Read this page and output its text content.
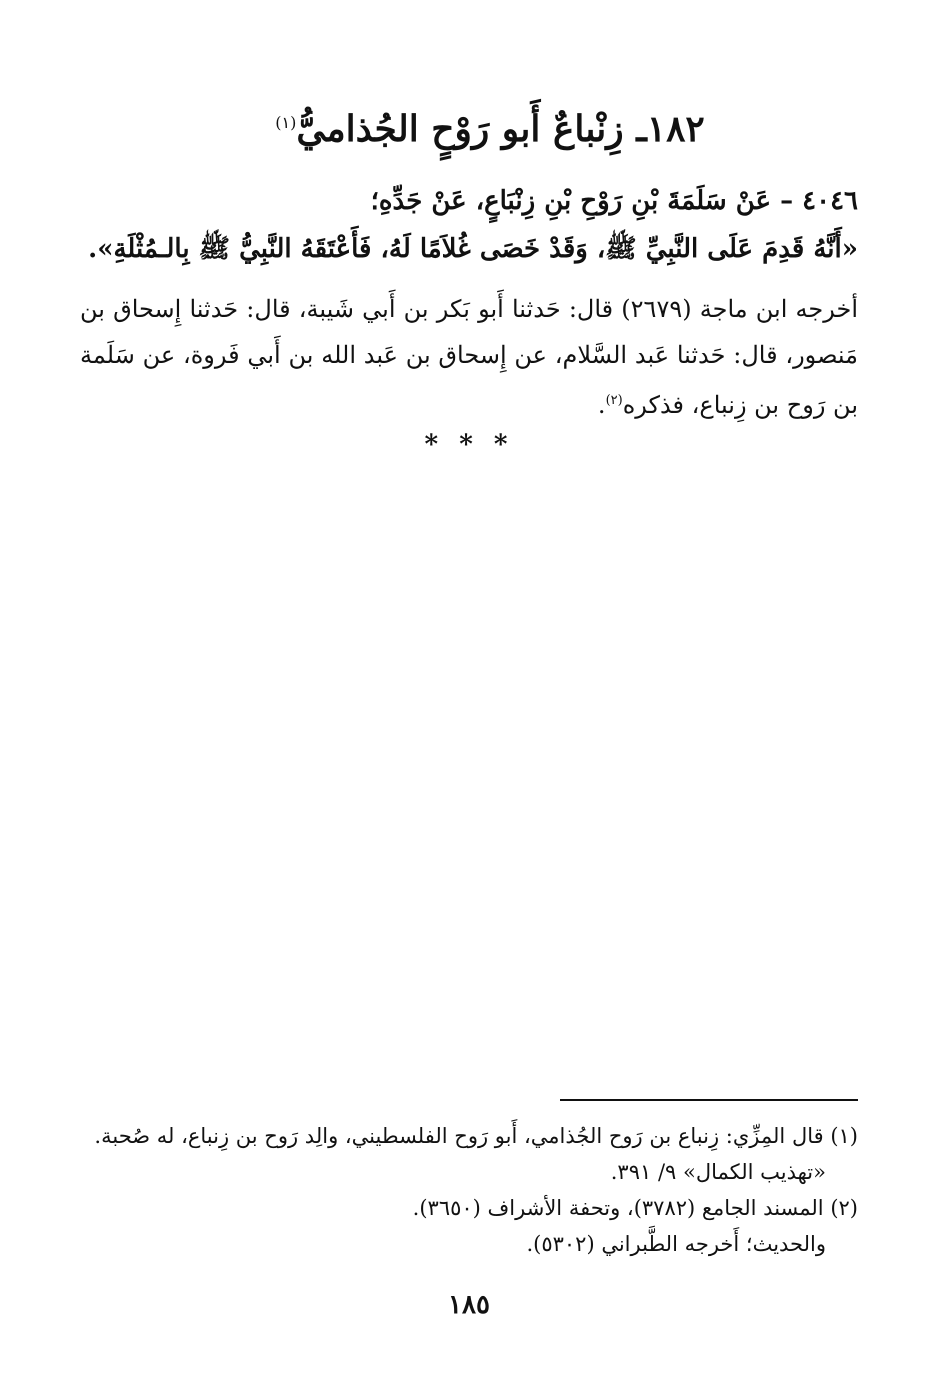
١٨٢ـ زِنْباعٌ أَبو رَوْحٍ الجُذاميُّ$^{(١)}$
٤٠٤٦ – عَنْ سَلَمَةَ بْنِ رَوْحِ بْنِ زِنْبَاعٍ، عَنْ جَدِّهِ؛
«أَنَّهُ قَدِمَ عَلَى النَّبِيِّ ﷺ، وَقَدْ خَصَى غُلاَمًا لَهُ، فَأَعْتَقَهُ النَّبِيُّ ﷺ بِالـمُثْلَةِ».
أخرجه ابن ماجة (٢٦٧٩) قال: حَدثنا أَبو بَكر بن أَبي شَيبة، قال: حَدثنا إِسحاق بن مَنصور، قال: حَدثنا عَبد السَّلام، عن إِسحاق بن عَبد الله بن أَبي فَروة، عن سَلَمة بن رَوح بن زِنباع، فذكره$^{(٢)}$.
* * *
(١) قال المِزِّي: زِنباع بن رَوح الجُذامي، أَبو رَوح الفلسطيني، والِد رَوح بن زِنباع، له صُحبة.
«تهذيب الكمال» ٩/ ٣٩١.
(٢) المسند الجامع (٣٧٨٢)، وتحفة الأشراف (٣٦٥٠).
والحديث؛ أَخرجه الطَّبراني (٥٣٠٢).
١٨٥
